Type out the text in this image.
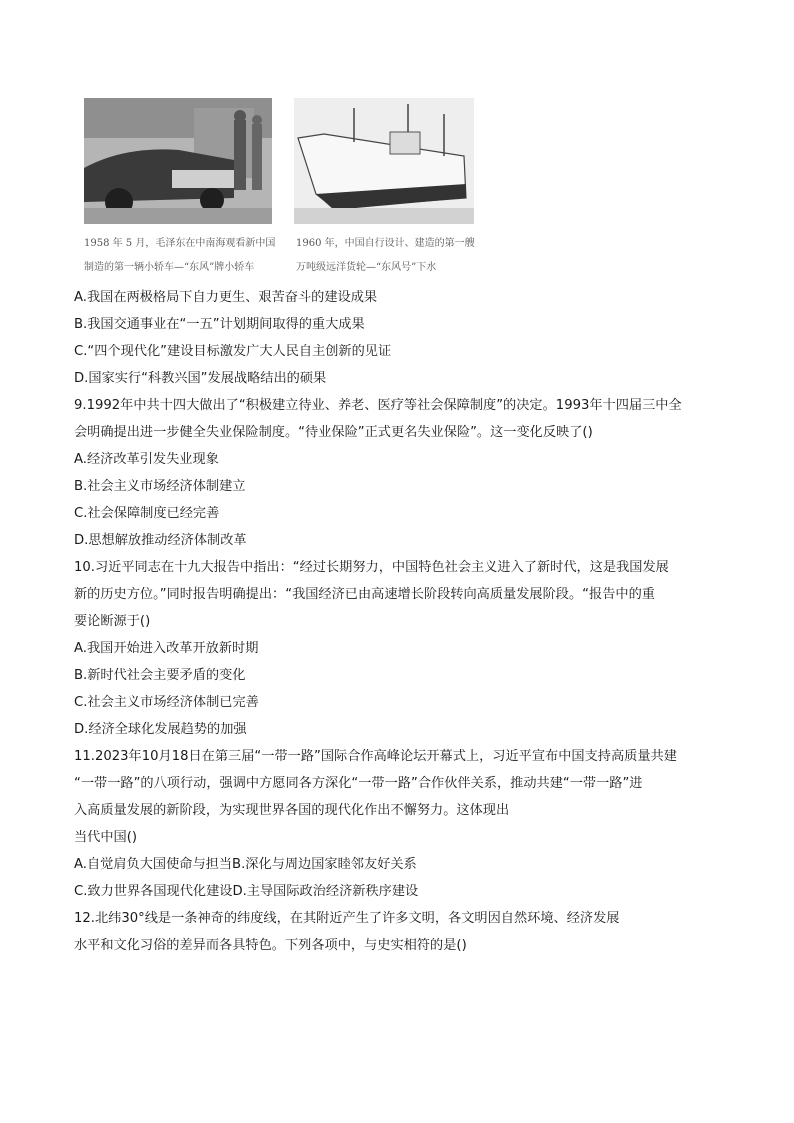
1958 年 5 月，毛泽东在中南海观看新中国
制造的第一辆小轿车—“东风”牌小轿车
1960 年，中国自行设计、建造的第一艘
万吨级远洋货轮—“东风号”下水
A.我国在两极格局下自力更生、艰苦奋斗的建设成果
B.我国交通事业在“一五”计划期间取得的重大成果
C.“四个现代化”建设目标激发广大人民自主创新的见证
D.国家实行“科教兴国”发展战略结出的硕果
9.1992年中共十四大做出了“积极建立待业、养老、医疗等社会保障制度”的决定。1993年十四届三中全
会明确提出进一步健全失业保险制度。“待业保险”正式更名失业保险”。这一变化反映了()
A.经济改革引发失业现象
B.社会主义市场经济体制建立
C.社会保障制度已经完善
D.思想解放推动经济体制改革
10.习近平同志在十九大报告中指出：“经过长期努力，中国特色社会主义进入了新时代，这是我国发展
新的历史方位。”同时报告明确提出：“我国经济已由高速增长阶段转向高质量发展阶段。“报告中的重
要论断源于()
A.我国开始进入改革开放新时期
B.新时代社会主要矛盾的变化
C.社会主义市场经济体制已完善
D.经济全球化发展趋势的加强
11.2023年10月18日在第三届“一带一路”国际合作高峰论坛开幕式上，习近平宣布中国支持高质量共建
“一带一路”的八项行动，强调中方愿同各方深化“一带一路”合作伙伴关系，推动共建“一带一路”进
入高质量发展的新阶段，为实现世界各国的现代化作出不懈努力。这体现出
当代中国()
A.自觉肩负大国使命与担当B.深化与周边国家睦邻友好关系
C.致力世界各国现代化建设D.主导国际政治经济新秩序建设
12.北纬30°线是一条神奇的纬度线，在其附近产生了许多文明，各文明因自然环境、经济发展
水平和文化习俗的差异而各具特色。下列各项中，与史实相符的是()
